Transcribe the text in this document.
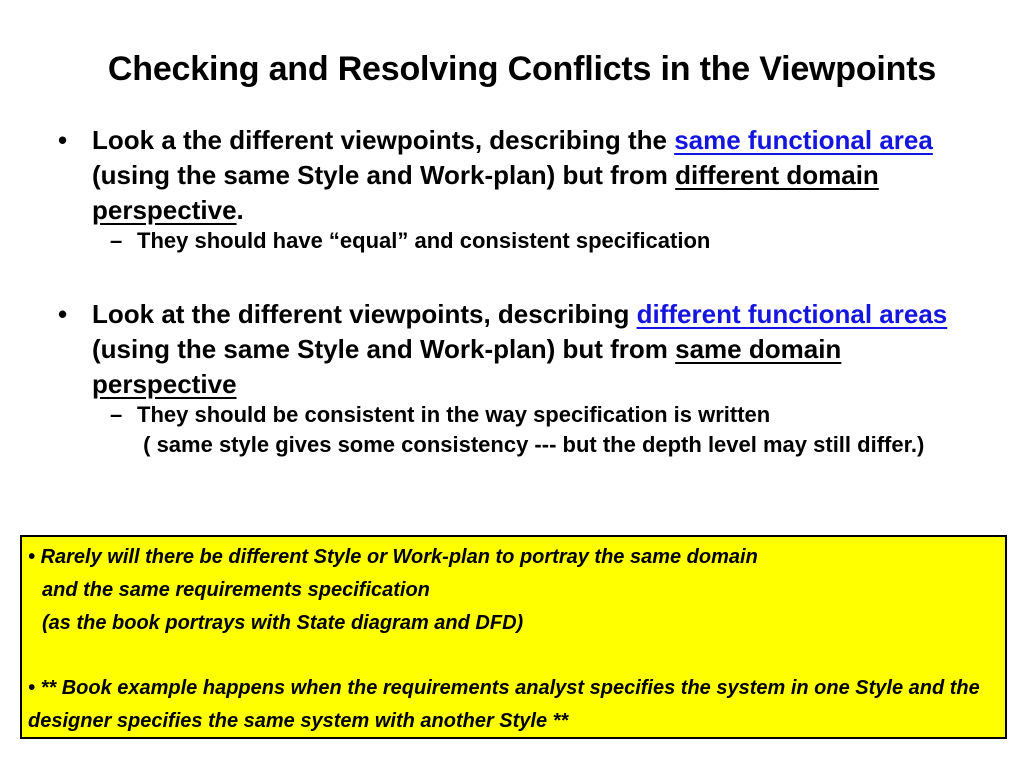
Checking and Resolving Conflicts in the Viewpoints
• Look a the different viewpoints, describing the same functional area (using the same Style and Work-plan) but from different domain perspective.
– They should have “equal” and consistent specification
• Look at the different viewpoints, describing different functional areas (using the same Style and Work-plan) but from same domain perspective
– They should be consistent in the way specification is written
( same style gives some consistency --- but the depth level may still differ.)

• Rarely will there be different Style or Work-plan to portray the same domain

and the same requirements specification

(as the book portrays with State diagram and DFD)

• ** Book example happens when the requirements analyst specifies the system in one Style and the designer specifies the same system with another Style **
